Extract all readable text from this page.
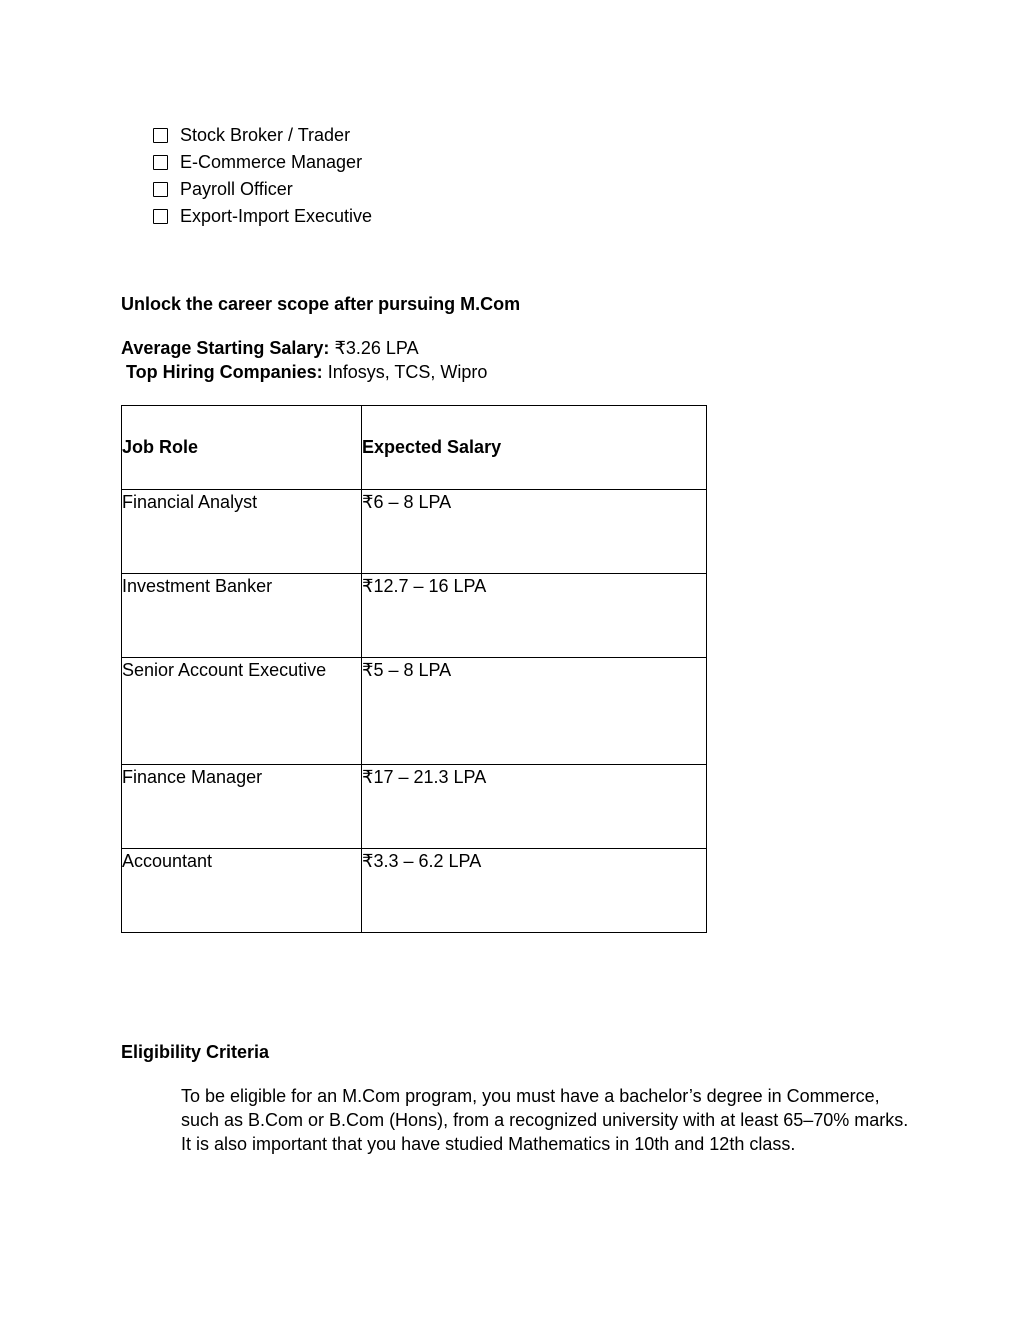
Stock Broker / Trader
E-Commerce Manager
Payroll Officer
Export-Import Executive
Unlock the career scope after pursuing M.Com

Average Starting Salary: ₹3.26 LPA

Top Hiring Companies: Infosys, TCS, Wipro

Job Role	Expected Salary
Financial Analyst	₹6 – 8 LPA
Investment Banker	₹12.7 – 16 LPA
Senior Account Executive	₹5 – 8 LPA
Finance Manager	₹17 – 21.3 LPA
Accountant	₹3.3 – 6.2 LPA
Eligibility Criteria

To be eligible for an M.Com program, you must have a bachelor’s degree in Commerce, such as B.Com or B.Com (Hons), from a recognized university with at least 65–70% marks. It is also important that you have studied Mathematics in 10th and 12th class.
